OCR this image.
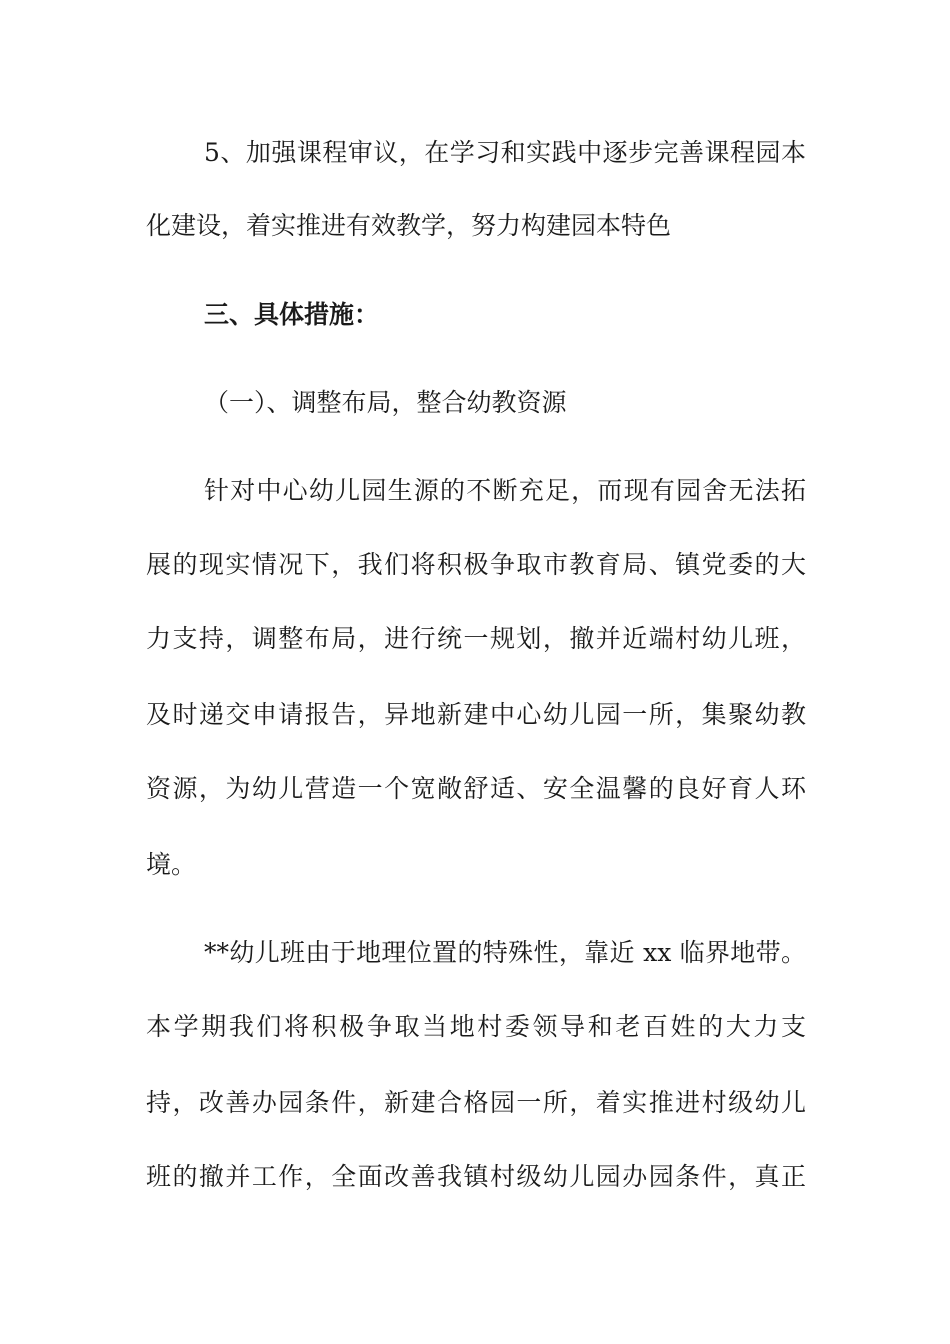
5、加强课程审议，在学习和实践中逐步完善课程园本
化建设，着实推进有效教学，努力构建园本特色
三、具体措施：
（一）、调整布局，整合幼教资源
针对中心幼儿园生源的不断充足，而现有园舍无法拓
展的现实情况下，我们将积极争取市教育局、镇党委的大
力支持，调整布局，进行统一规划，撤并近端村幼儿班，
及时递交申请报告，异地新建中心幼儿园一所，集聚幼教
资源，为幼儿营造一个宽敞舒适、安全温馨的良好育人环
境。
**幼儿班由于地理位置的特殊性，靠近 xx 临界地带。
本学期我们将积极争取当地村委领导和老百姓的大力支
持，改善办园条件，新建合格园一所，着实推进村级幼儿
班的撤并工作，全面改善我镇村级幼儿园办园条件，真正
